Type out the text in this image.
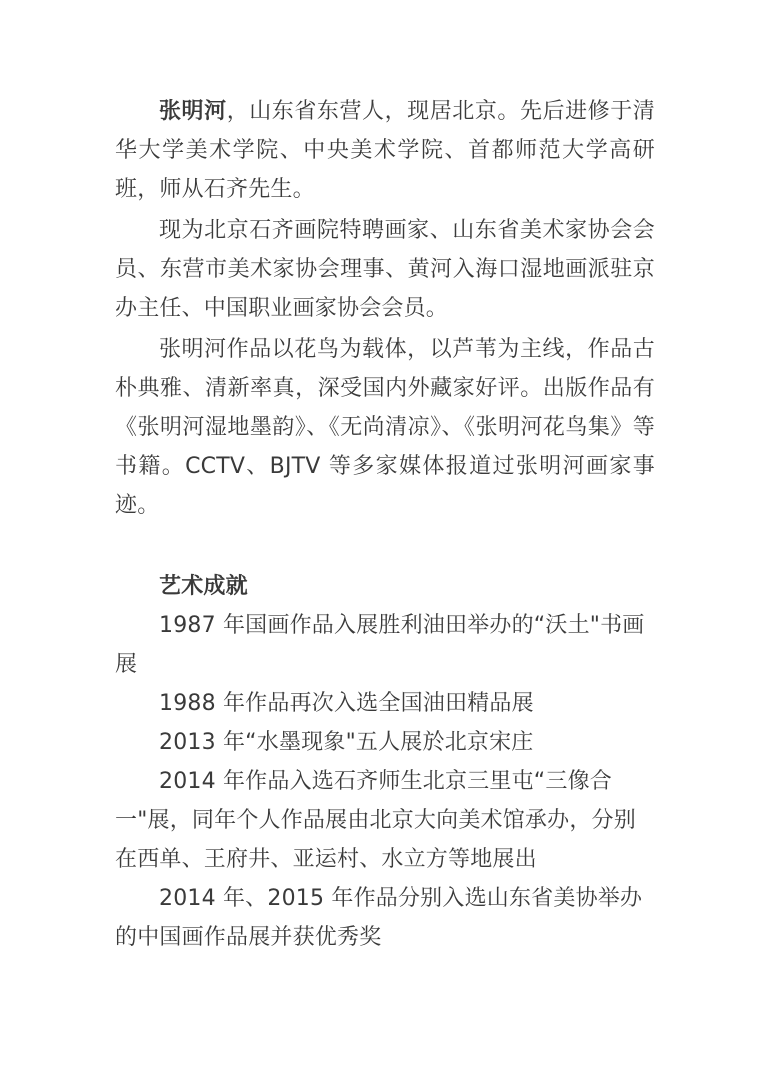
张明河，山东省东营人，现居北京。先后进修于清华大学美术学院、中央美术学院、首都师范大学高研班，师从石齐先生。

现为北京石齐画院特聘画家、山东省美术家协会会员、东营市美术家协会理事、黄河入海口湿地画派驻京办主任、中国职业画家协会会员。

张明河作品以花鸟为载体，以芦苇为主线，作品古朴典雅、清新率真，深受国内外藏家好评。出版作品有《张明河湿地墨韵》、《无尚清凉》、《张明河花鸟集》等书籍。CCTV、BJTV 等多家媒体报道过张明河画家事迹。

艺术成就

1987 年国画作品入展胜利油田举办的“沃土"书画展

1988 年作品再次入选全国油田精品展

2013 年“水墨现象"五人展於北京宋庄

2014 年作品入选石齐师生北京三里屯“三像合一"展，同年个人作品展由北京大向美术馆承办，分别在西单、王府井、亚运村、水立方等地展出

2014 年、2015 年作品分别入选山东省美协举办的中国画作品展并获优秀奖
